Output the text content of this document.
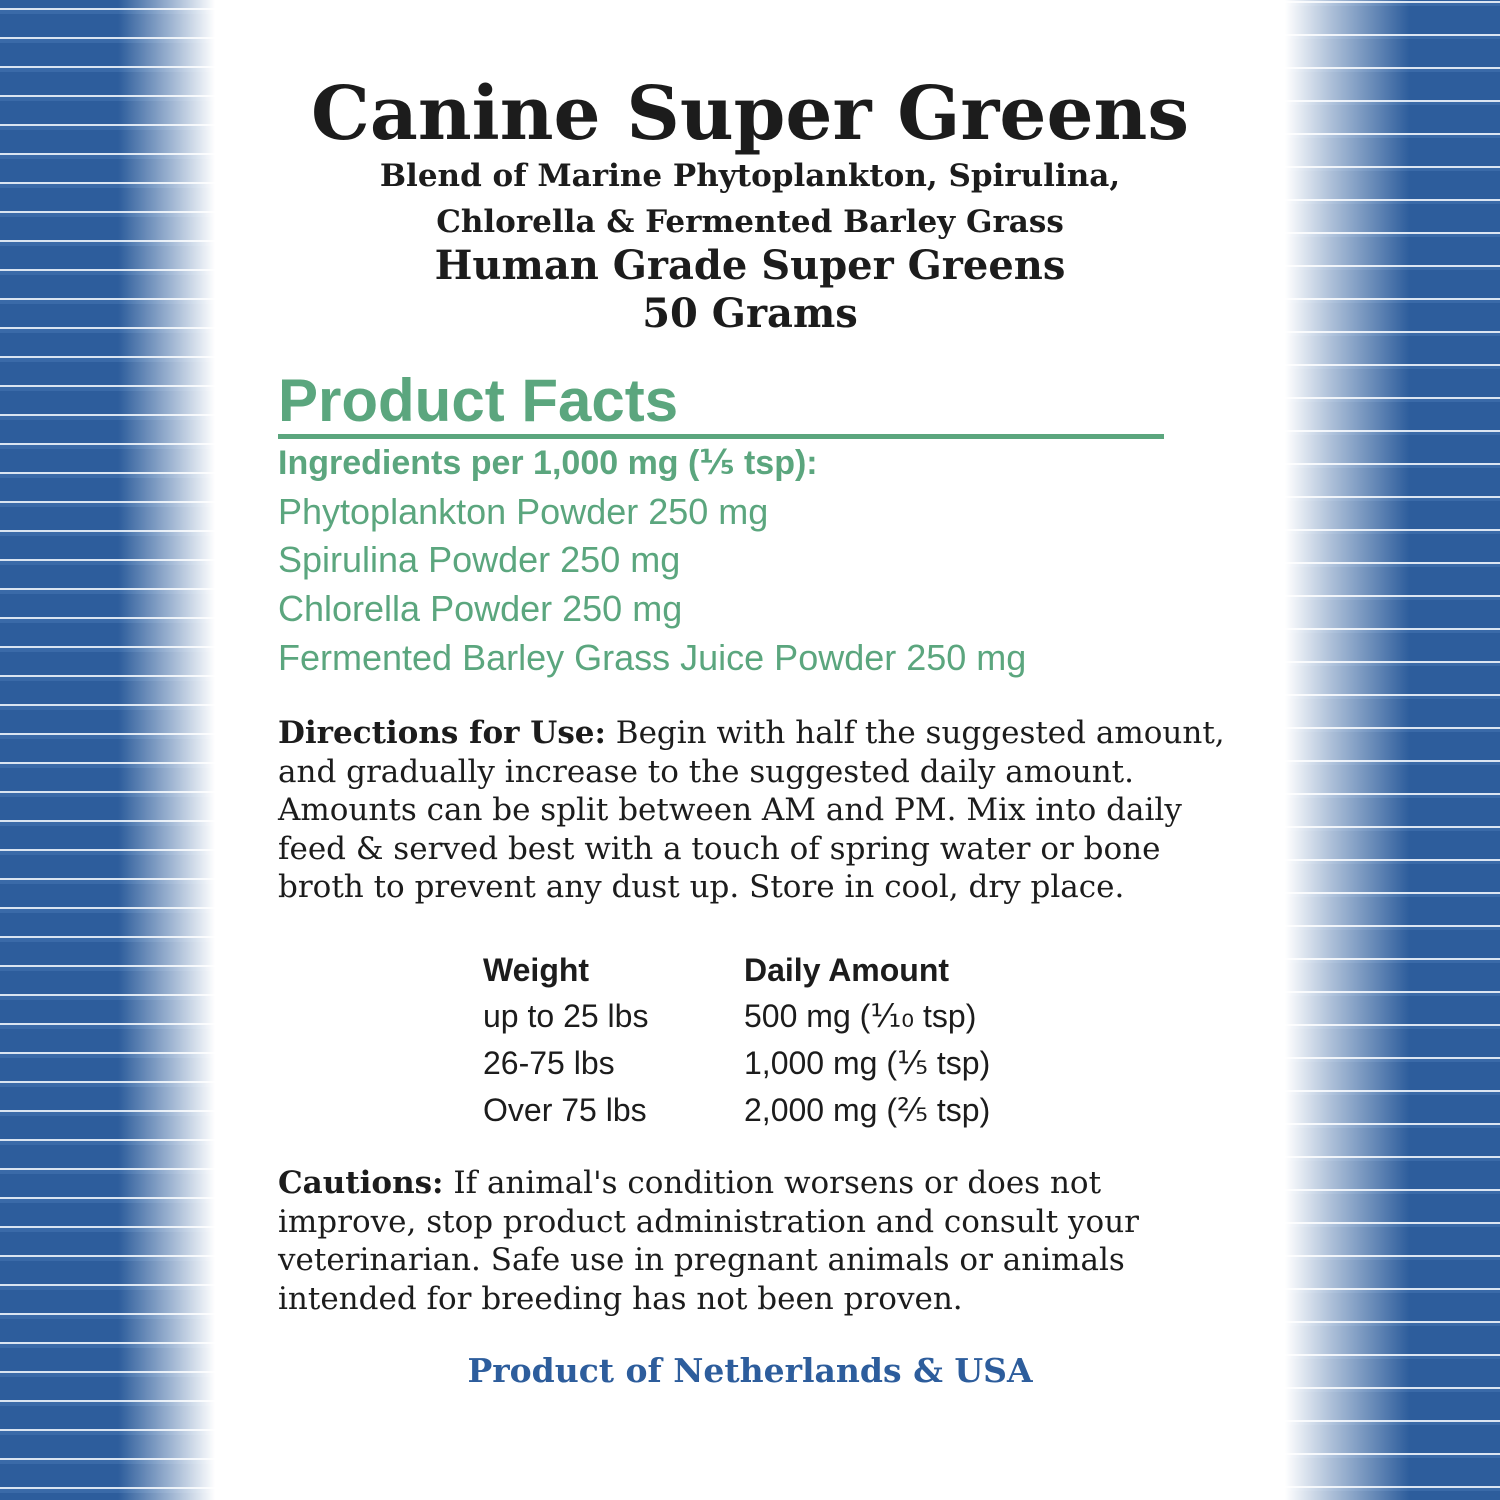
Canine Super Greens
Blend of Marine Phytoplankton, Spirulina,
Chlorella & Fermented Barley Grass
Human Grade Super Greens
50 Grams
Product Facts
Ingredients per 1,000 mg (⅕ tsp):
Phytoplankton Powder 250 mg
Spirulina Powder 250 mg
Chlorella Powder 250 mg
Fermented Barley Grass Juice Powder 250 mg
Directions for Use: Begin with half the suggested amount,
and gradually increase to the suggested daily amount.
Amounts can be split between AM and PM. Mix into daily
feed & served best with a touch of spring water or bone
broth to prevent any dust up. Store in cool, dry place.
Weight	Daily Amount
up to 25 lbs	500 mg (⅒ tsp)
26-75 lbs	1,000 mg (⅕ tsp)
Over 75 lbs	2,000 mg (⅖ tsp)
Cautions: If animal's condition worsens or does not
improve, stop product administration and consult your
veterinarian. Safe use in pregnant animals or animals
intended for breeding has not been proven.
Product of Netherlands & USA
